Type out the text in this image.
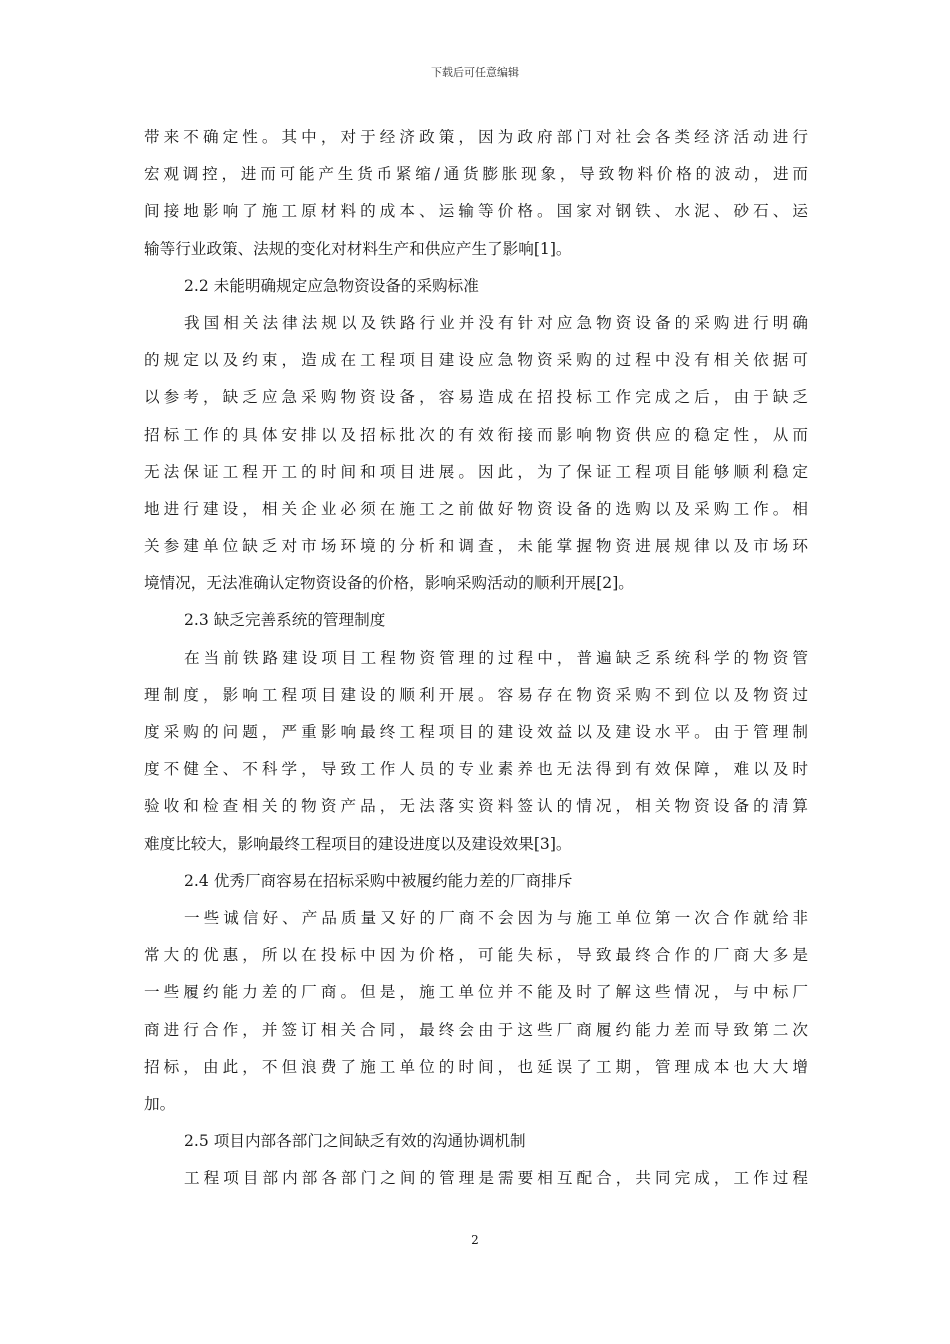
下载后可任意编辑
带来不确定性。其中，对于经济政策，因为政府部门对社会各类经济活动进行
宏观调控，进而可能产生货币紧缩/通货膨胀现象，导致物料价格的波动，进而
间接地影响了施工原材料的成本、运输等价格。国家对钢铁、水泥、砂石、运
输等行业政策、法规的变化对材料生产和供应产生了影响[1]。
2.2 未能明确规定应急物资设备的采购标准
我国相关法律法规以及铁路行业并没有针对应急物资设备的采购进行明确
的规定以及约束，造成在工程项目建设应急物资采购的过程中没有相关依据可
以参考，缺乏应急采购物资设备，容易造成在招投标工作完成之后，由于缺乏
招标工作的具体安排以及招标批次的有效衔接而影响物资供应的稳定性，从而
无法保证工程开工的时间和项目进展。因此，为了保证工程项目能够顺利稳定
地进行建设，相关企业必须在施工之前做好物资设备的选购以及采购工作。相
关参建单位缺乏对市场环境的分析和调查，未能掌握物资进展规律以及市场环
境情况，无法准确认定物资设备的价格，影响采购活动的顺利开展[2]。
2.3 缺乏完善系统的管理制度
在当前铁路建设项目工程物资管理的过程中，普遍缺乏系统科学的物资管
理制度，影响工程项目建设的顺利开展。容易存在物资采购不到位以及物资过
度采购的问题，严重影响最终工程项目的建设效益以及建设水平。由于管理制
度不健全、不科学，导致工作人员的专业素养也无法得到有效保障，难以及时
验收和检查相关的物资产品，无法落实资料签认的情况，相关物资设备的清算
难度比较大，影响最终工程项目的建设进度以及建设效果[3]。
2.4 优秀厂商容易在招标采购中被履约能力差的厂商排斥
一些诚信好、产品质量又好的厂商不会因为与施工单位第一次合作就给非
常大的优惠，所以在投标中因为价格，可能失标，导致最终合作的厂商大多是
一些履约能力差的厂商。但是，施工单位并不能及时了解这些情况，与中标厂
商进行合作，并签订相关合同，最终会由于这些厂商履约能力差而导致第二次
招标，由此，不但浪费了施工单位的时间，也延误了工期，管理成本也大大增
加。
2.5 项目内部各部门之间缺乏有效的沟通协调机制
工程项目部内部各部门之间的管理是需要相互配合，共同完成，工作过程
2
